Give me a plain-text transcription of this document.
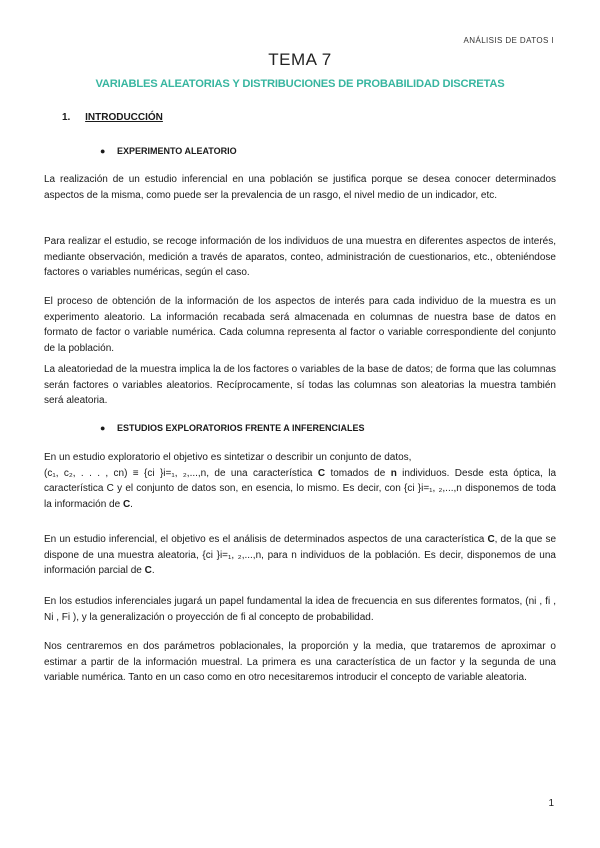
ANÁLISIS DE DATOS I
TEMA 7
VARIABLES ALEATORIAS Y DISTRIBUCIONES DE PROBABILIDAD DISCRETAS
1. INTRODUCCIÓN
● EXPERIMENTO ALEATORIO

La realización de un estudio inferencial en una población se justifica porque se desea conocer determinados aspectos de la misma, como puede ser la prevalencia de un rasgo, el nivel medio de un indicador, etc.

Para realizar el estudio, se recoge información de los individuos de una muestra en diferentes aspectos de interés, mediante observación, medición a través de aparatos, conteo, administración de cuestionarios, etc., obteniéndose factores o variables numéricas, según el caso.

El proceso de obtención de la información de los aspectos de interés para cada individuo de la muestra es un experimento aleatorio. La información recabada será almacenada en columnas de nuestra base de datos en formato de factor o variable numérica. Cada columna representa al factor o variable correspondiente del conjunto de la población.

La aleatoriedad de la muestra implica la de los factores o variables de la base de datos; de forma que las columnas serán factores o variables aleatorios. Recíprocamente, sí todas las columnas son aleatorias la muestra también será aleatoria.

● ESTUDIOS EXPLORATORIOS FRENTE A INFERENCIALES
En un estudio exploratorio el objetivo es sintetizar o describir un conjunto de datos,

(c₁, c₂, . . . , cn) ≡ {ci }i=₁, ₂,...,n, de una característica C tomados de n individuos. Desde esta óptica, la característica C y el conjunto de datos son, en esencia, lo mismo. Es decir, con {ci }i=₁, ₂,...,n disponemos de toda la información de C.

En un estudio inferencial, el objetivo es el análisis de determinados aspectos de una característica C, de la que se dispone de una muestra aleatoria, {ci }i=₁, ₂,...,n, para n individuos de la población. Es decir, disponemos de una información parcial de C.

En los estudios inferenciales jugará un papel fundamental la idea de frecuencia en sus diferentes formatos, (ni , fi , Ni , Fi ), y la generalización o proyección de fi al concepto de probabilidad.

Nos centraremos en dos parámetros poblacionales, la proporción y la media, que trataremos de aproximar o estimar a partir de la información muestral. La primera es una característica de un factor y la segunda de una variable numérica. Tanto en un caso como en otro necesitaremos introducir el concepto de variable aleatoria.

1
